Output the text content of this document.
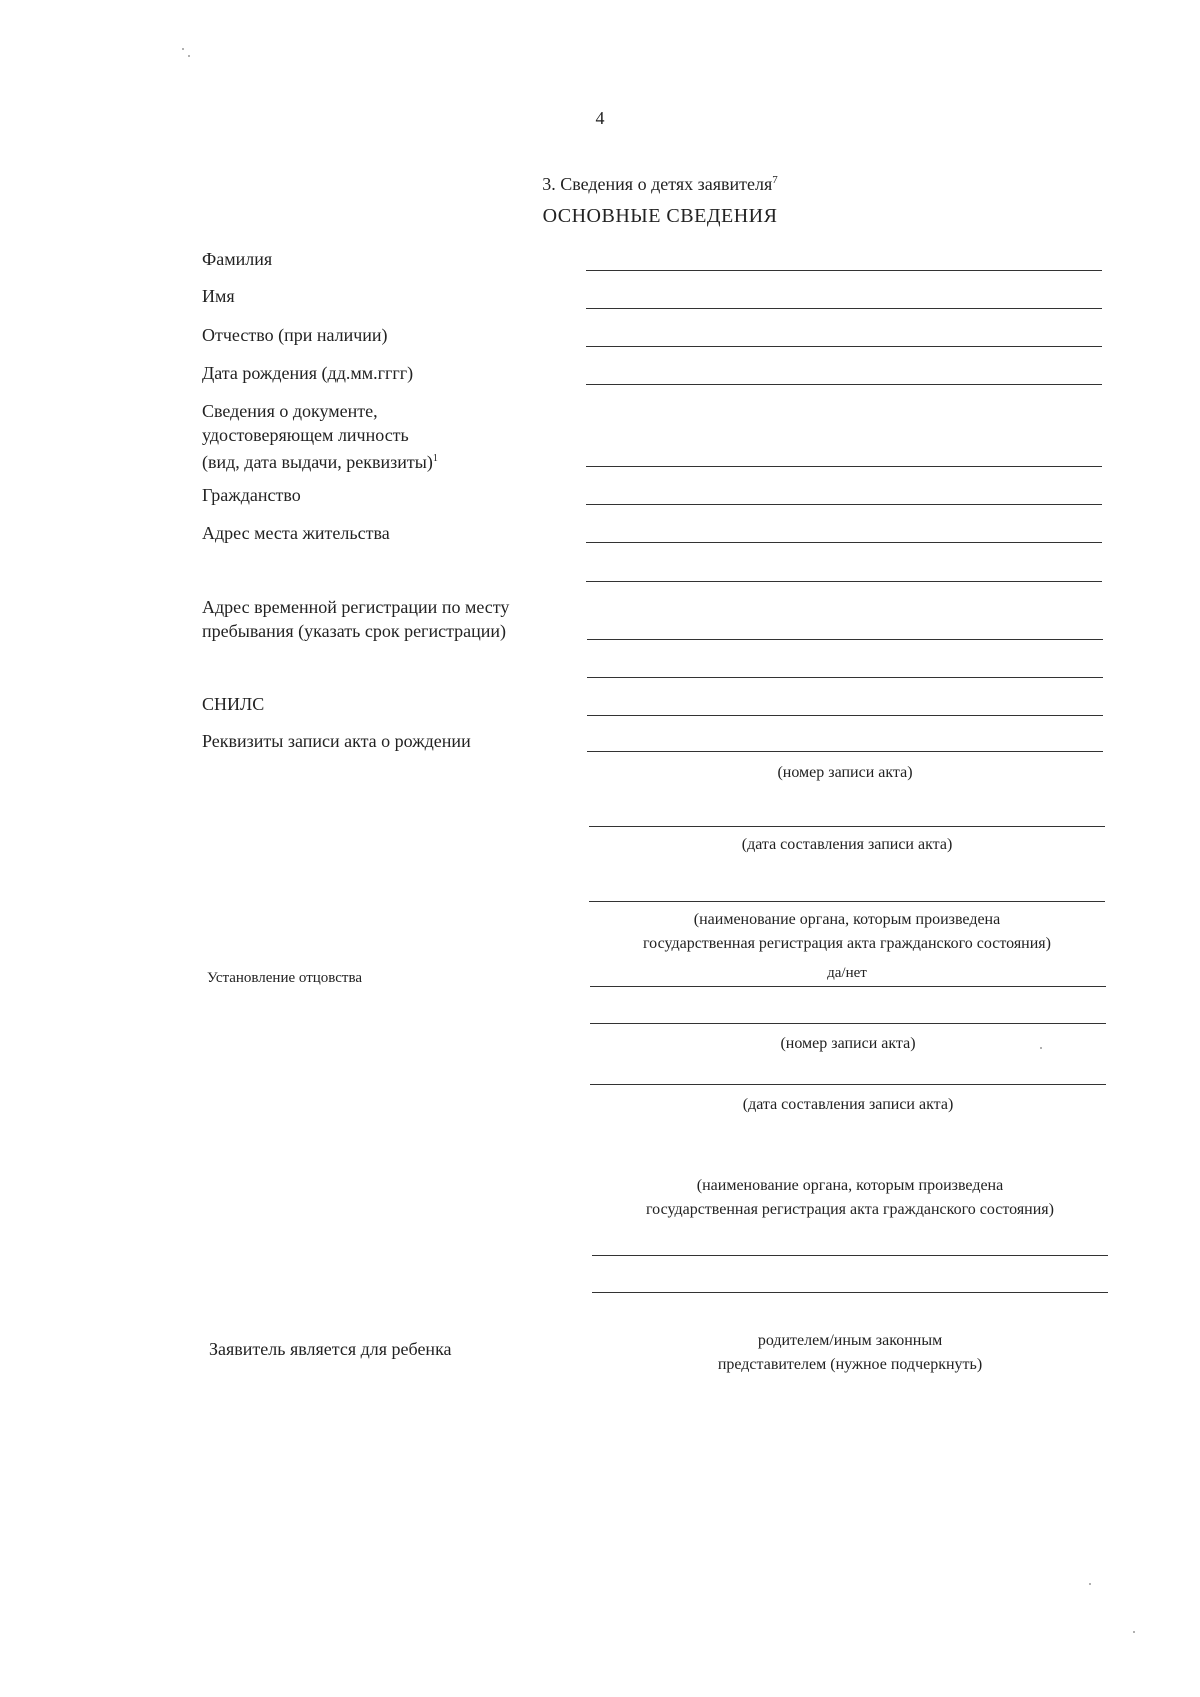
4
3. Сведения о детях заявителя$^7$
ОСНОВНЫЕ СВЕДЕНИЯ
Фамилия
Имя
Отчество (при наличии)
Дата рождения (дд.мм.гггг)
Сведения о документе,
удостоверяющем личность
(вид, дата выдачи, реквизиты)$^1$
Гражданство
Адрес места жительства
Адрес временной регистрации по месту
пребывания (указать срок регистрации)
СНИЛС
Реквизиты записи акта о рождении
Установление отцовства
Заявитель является для ребенка
(номер записи акта)
(дата составления записи акта)
(наименование органа, которым произведена
государственная регистрация акта гражданского состояния)
да/нет
(номер записи акта)
(дата составления записи акта)
(наименование органа, которым произведена
государственная регистрация акта гражданского состояния)
родителем/иным законным
представителем (нужное подчеркнуть)
